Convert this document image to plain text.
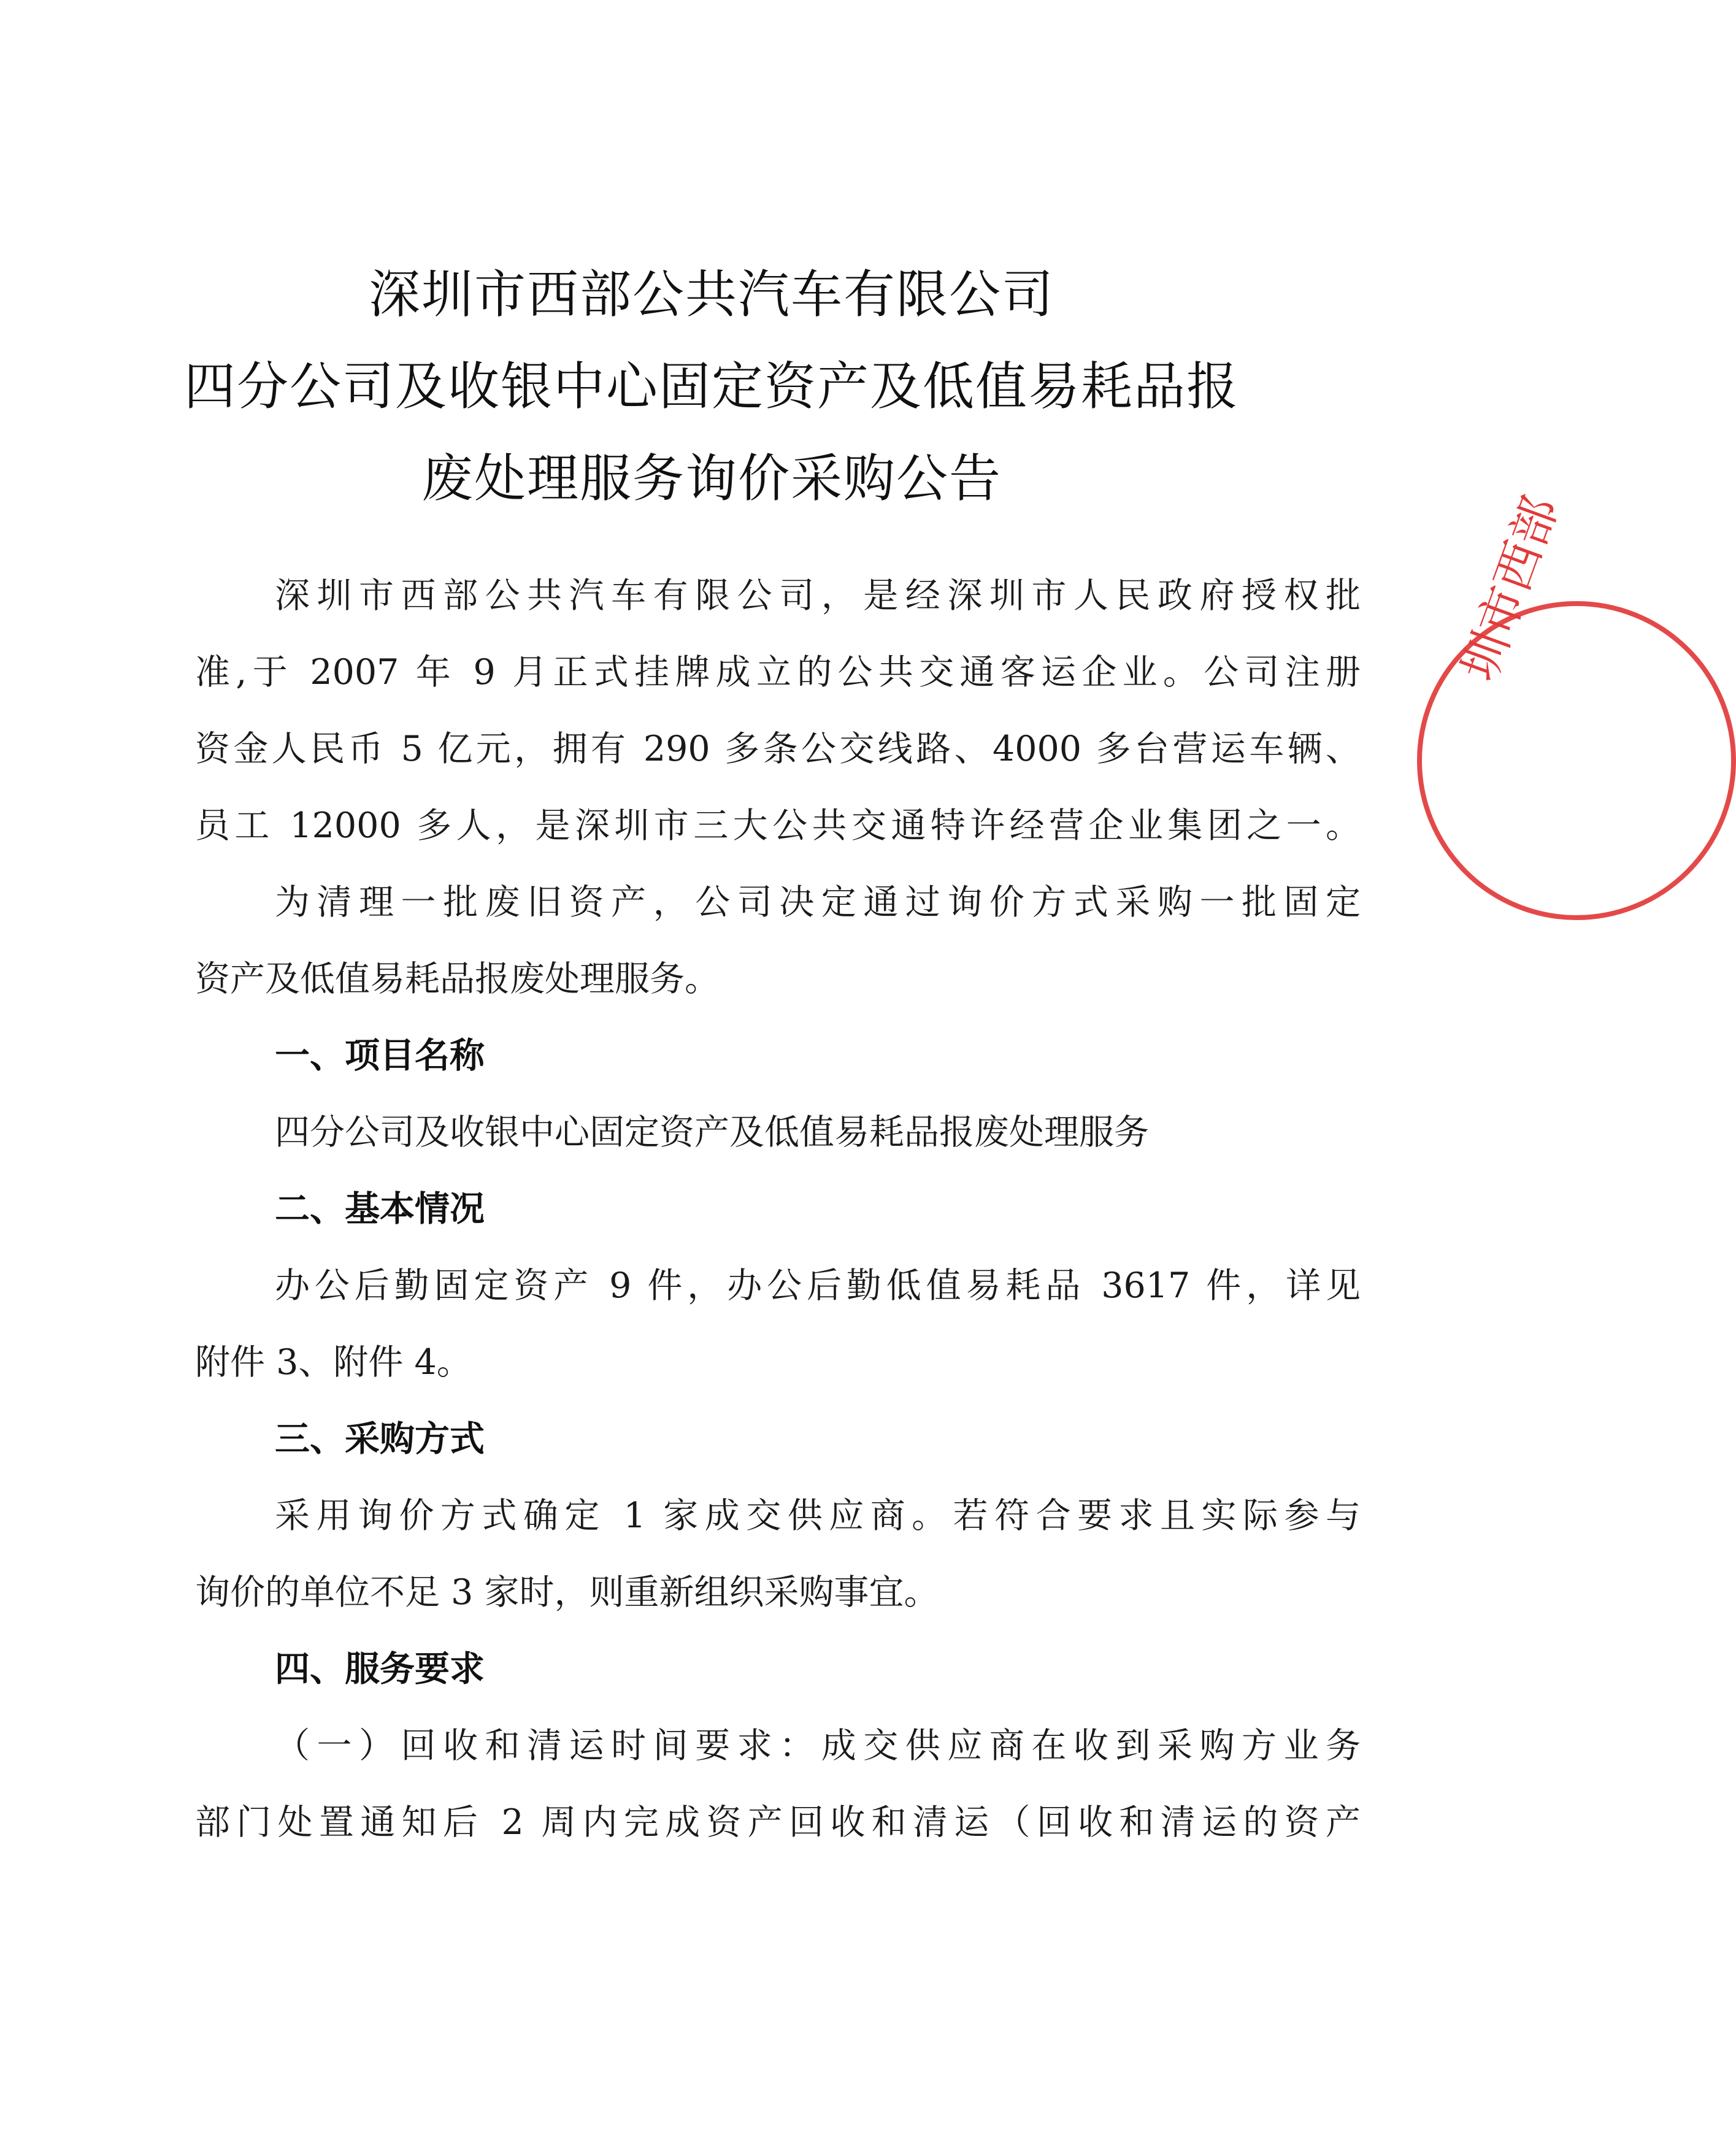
深圳市西部公共汽车有限公司
四分公司及收银中心固定资产及低值易耗品报
废处理服务询价采购公告
深圳市西部公共汽车有限公司，是经深圳市人民政府授权批
准,于 2007 年 9 月正式挂牌成立的公共交通客运企业。公司注册
资金人民币 5 亿元，拥有 290 多条公交线路、4000 多台营运车辆、
员工 12000 多人，是深圳市三大公共交通特许经营企业集团之一。
为清理一批废旧资产，公司决定通过询价方式采购一批固定
资产及低值易耗品报废处理服务。
一、项目名称
四分公司及收银中心固定资产及低值易耗品报废处理服务
二、基本情况
办公后勤固定资产 9 件，办公后勤低值易耗品 3617 件，详见
附件 3、附件 4。
三、采购方式
采用询价方式确定 1 家成交供应商。若符合要求且实际参与
询价的单位不足 3 家时，则重新组织采购事宜。
四、服务要求
（一）回收和清运时间要求：成交供应商在收到采购方业务
部门处置通知后 2 周内完成资产回收和清运（回收和清运的资产
圳市西部
